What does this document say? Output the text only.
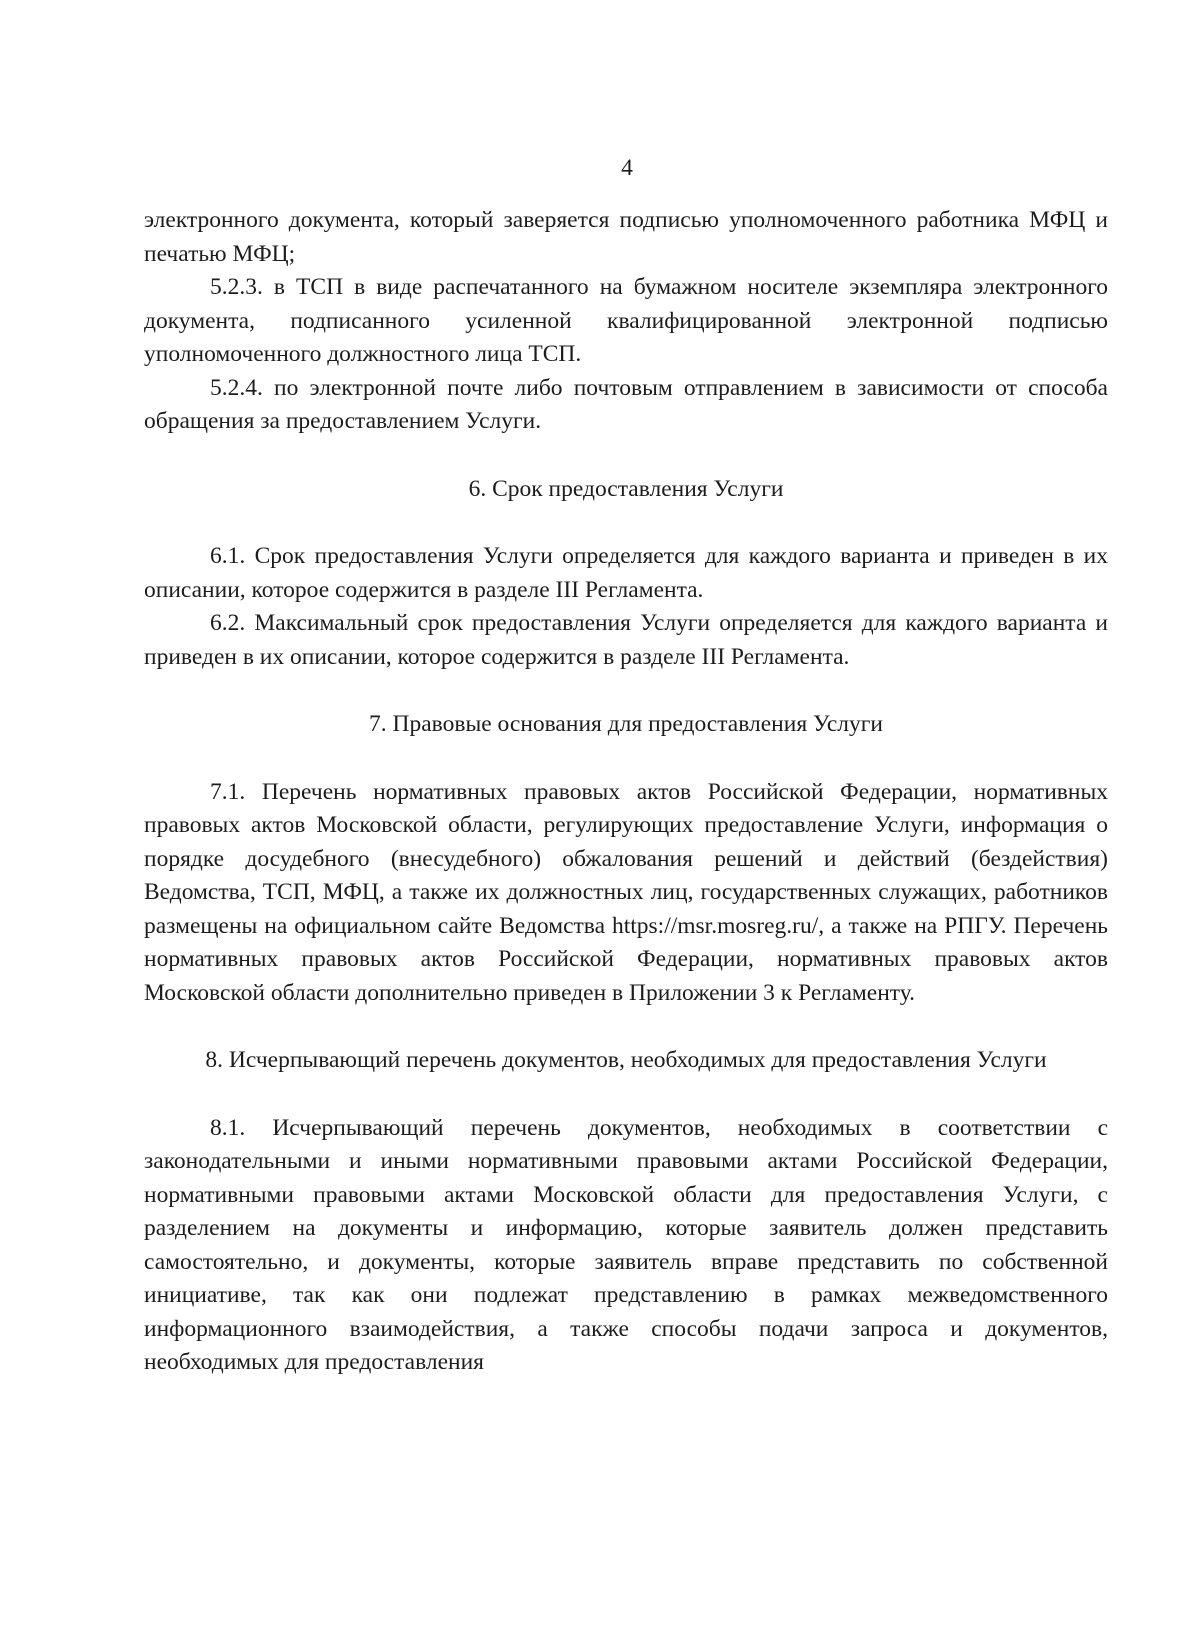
4

электронного документа, который заверяется подписью уполномоченного работника МФЦ и печатью МФЦ;

5.2.3. в ТСП в виде распечатанного на бумажном носителе экземпляра электронного документа, подписанного усиленной квалифицированной электронной подписью уполномоченного должностного лица ТСП.

5.2.4. по электронной почте либо почтовым отправлением в зависимости от способа обращения за предоставлением Услуги.

6. Срок предоставления Услуги

6.1. Срок предоставления Услуги определяется для каждого варианта и приведен в их описании, которое содержится в разделе III Регламента.

6.2. Максимальный срок предоставления Услуги определяется для каждого варианта и приведен в их описании, которое содержится в разделе III Регламента.

7. Правовые основания для предоставления Услуги

7.1. Перечень нормативных правовых актов Российской Федерации, нормативных правовых актов Московской области, регулирующих предоставление Услуги, информация о порядке досудебного (внесудебного) обжалования решений и действий (бездействия) Ведомства, ТСП, МФЦ, а также их должностных лиц, государственных служащих, работников размещены на официальном сайте Ведомства https://msr.mosreg.ru/, а также на РПГУ. Перечень нормативных правовых актов Российской Федерации, нормативных правовых актов Московской области дополнительно приведен в Приложении 3 к Регламенту.

8. Исчерпывающий перечень документов, необходимых для предоставления Услуги

8.1. Исчерпывающий перечень документов, необходимых в соответствии с законодательными и иными нормативными правовыми актами Российской Федерации, нормативными правовыми актами Московской области для предоставления Услуги, с разделением на документы и информацию, которые заявитель должен представить самостоятельно, и документы, которые заявитель вправе представить по собственной инициативе, так как они подлежат представлению в рамках межведомственного информационного взаимодействия, а также способы подачи запроса и документов, необходимых для предоставления
